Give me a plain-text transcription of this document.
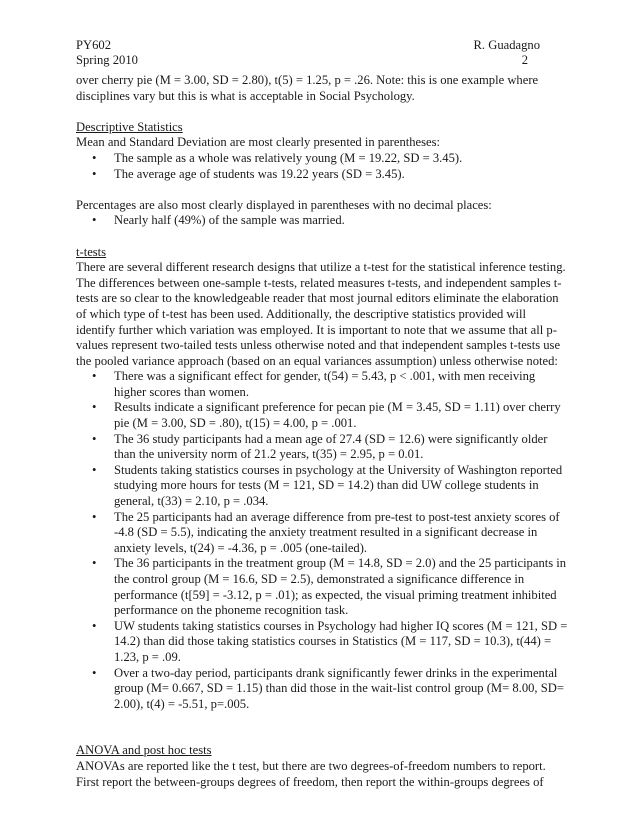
PY602	R. Guadagno
Spring 2010	2
over cherry pie (M = 3.00, SD = 2.80), t(5) = 1.25, p = .26. Note: this is one example where
disciplines vary but this is what is acceptable in Social Psychology.
Descriptive Statistics
Mean and Standard Deviation are most clearly presented in parentheses:
• The sample as a whole was relatively young (M = 19.22, SD = 3.45).
• The average age of students was 19.22 years (SD = 3.45).
Percentages are also most clearly displayed in parentheses with no decimal places:
• Nearly half (49%) of the sample was married.
t-tests
There are several different research designs that utilize a t-test for the statistical inference testing.
The differences between one-sample t-tests, related measures t-tests, and independent samples t-
tests are so clear to the knowledgeable reader that most journal editors eliminate the elaboration
of which type of t-test has been used. Additionally, the descriptive statistics provided will
identify further which variation was employed. It is important to note that we assume that all p-
values represent two-tailed tests unless otherwise noted and that independent samples t-tests use
the pooled variance approach (based on an equal variances assumption) unless otherwise noted:
• There was a significant effect for gender, t(54) = 5.43, p < .001, with men receiving
higher scores than women.
• Results indicate a significant preference for pecan pie (M = 3.45, SD = 1.11) over cherry
pie (M = 3.00, SD = .80), t(15) = 4.00, p = .001.
• The 36 study participants had a mean age of 27.4 (SD = 12.6) were significantly older
than the university norm of 21.2 years, t(35) = 2.95, p = 0.01.
• Students taking statistics courses in psychology at the University of Washington reported
studying more hours for tests (M = 121, SD = 14.2) than did UW college students in
general, t(33) = 2.10, p = .034.
• The 25 participants had an average difference from pre-test to post-test anxiety scores of
-4.8 (SD = 5.5), indicating the anxiety treatment resulted in a significant decrease in
anxiety levels, t(24) = -4.36, p = .005 (one-tailed).
• The 36 participants in the treatment group (M = 14.8, SD = 2.0) and the 25 participants in
the control group (M = 16.6, SD = 2.5), demonstrated a significance difference in
performance (t[59] = -3.12, p = .01); as expected, the visual priming treatment inhibited
performance on the phoneme recognition task.
• UW students taking statistics courses in Psychology had higher IQ scores (M = 121, SD =
14.2) than did those taking statistics courses in Statistics (M = 117, SD = 10.3), t(44) =
1.23, p = .09.
• Over a two-day period, participants drank significantly fewer drinks in the experimental
group (M= 0.667, SD = 1.15) than did those in the wait-list control group (M= 8.00, SD=
2.00), t(4) = -5.51, p=.005.
ANOVA and post hoc tests
ANOVAs are reported like the t test, but there are two degrees-of-freedom numbers to report.
First report the between-groups degrees of freedom, then report the within-groups degrees of
